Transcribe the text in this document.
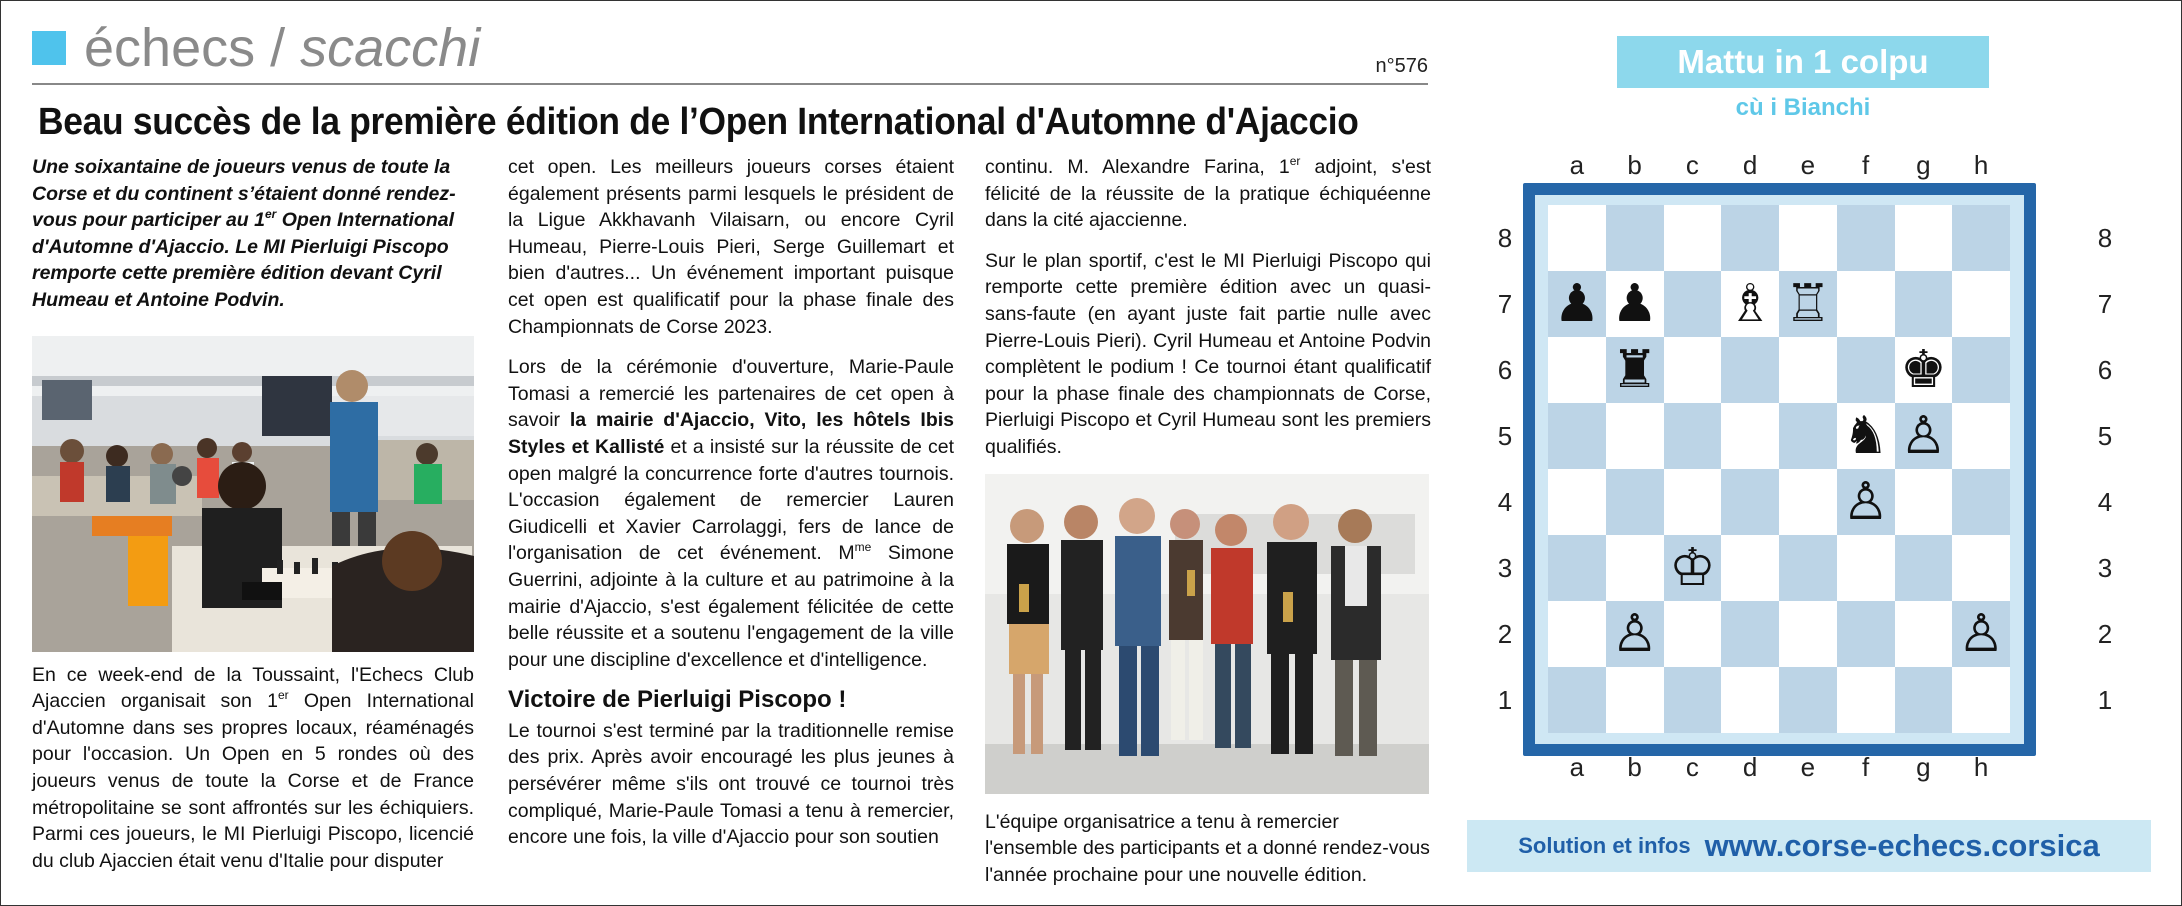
échecs / scacchi	n°576
Beau succès de la première édition de l’Open International d'Automne d'Ajaccio

Une soixantaine de joueurs venus de toute la Corse et du continent s’étaient donné rendez-vous pour participer au 1er Open International d'Automne d'Ajaccio. Le MI Pierluigi Piscopo remporte cette première édition devant Cyril Humeau et Antoine Podvin.

En ce week-end de la Toussaint, l'Echecs Club Ajaccien organisait son 1er Open International d'Automne dans ses propres locaux, réaménagés pour l'occasion. Un Open en 5 rondes où des joueurs venus de toute la Corse et de France métropolitaine se sont affrontés sur les échiquiers. Parmi ces joueurs, le MI Pierluigi Piscopo, licencié du club Ajaccien était venu d'Italie pour disputer

cet open. Les meilleurs joueurs corses étaient également présents parmi lesquels le président de la Ligue Akkhavanh Vilaisarn, ou encore Cyril Humeau, Pierre-Louis Pieri, Serge Guillemart et bien d'autres... Un événement important puisque cet open est qualificatif pour la phase finale des Championnats de Corse 2023.

Lors de la cérémonie d'ouverture, Marie-Paule Tomasi a remercié les partenaires de cet open à savoir la mairie d'Ajaccio, Vito, les hôtels Ibis Styles et Kallisté et a insisté sur la réussite de cet open malgré la concurrence forte d'autres tournois. L'occasion également de remercier Lauren Giudicelli et Xavier Carrolaggi, fers de lance de l'organisation de cet événement. $M^{me}$ Simone Guerrini, adjointe à la culture et au patrimoine à la mairie d'Ajaccio, s'est également félicitée de cette belle réussite et a soutenu l'engagement de la ville pour une discipline d'excellence et d'intelligence.

Victoire de Pierluigi Piscopo !

Le tournoi s'est terminé par la traditionnelle remise des prix. Après avoir encouragé les plus jeunes à persévérer même s'ils ont trouvé ce tournoi très compliqué, Marie-Paule Tomasi a tenu à remercier, encore une fois, la ville d'Ajaccio pour son soutien

continu. M. Alexandre Farina, 1er adjoint, s'est félicité de la réussite de la pratique échiquéenne dans la cité ajaccienne.

Sur le plan sportif, c'est le MI Pierluigi Piscopo qui remporte cette première édition avec un quasi-sans-faute (en ayant juste fait partie nulle avec Pierre-Louis Pieri). Cyril Humeau et Antoine Podvin complètent le podium ! Ce tournoi étant qualificatif pour la phase finale des championnats de Corse, Pierluigi Piscopo et Cyril Humeau sont les premiers qualifiés.

L'équipe organisatrice a tenu à remercier l'ensemble des participants et a donné rendez-vous l'année prochaine pour une nouvelle édition.

Mattu in 1 colpu
cù i Bianchi
a	b	c	d	e	f	g	h
a	b	c	d	e	f	g	h
8
7
6
5
4
3
2
1
8
7
6
5
4
3
2
1
♟ ♟ ♗ ♖
♜	♚
♞ ♙
♙
♔
♙	♙
Solution et infos www.corse-echecs.corsica
